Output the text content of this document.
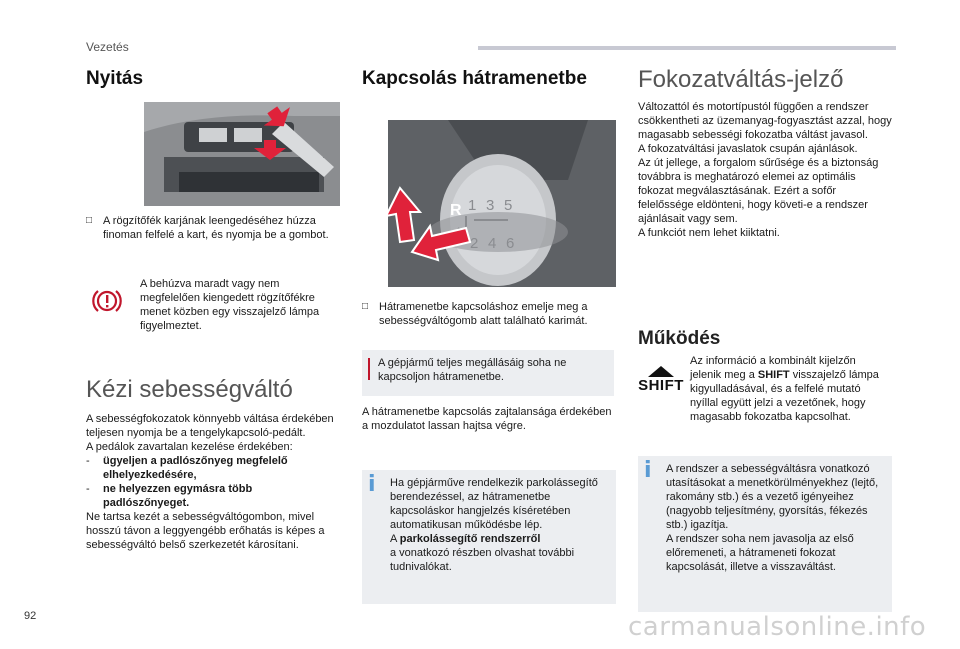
Vezetés
Nyitás
□ A rögzítőfék karjának leengedéséhez húzza finoman felfelé a kart, és nyomja be a gombot.
A behúzva maradt vagy nem megfelelően kiengedett rögzítőfékre menet közben egy visszajelző lámpa figyelmeztet.
Kézi sebességváltó

A sebességfokozatok könnyebb váltása érdekében teljesen nyomja be a tengelykapcsoló-pedált.

A pedálok zavartalan kezelése érdekében:

-	ügyeljen a padlószőnyeg megfelelő elhelyezkedésére,
-	ne helyezzen egymásra több padlószőnyeget.

Ne tartsa kezét a sebességváltógombon, mivel hosszú távon a leggyengébb erőhatás is képes a sebességváltó belső szerkezetét károsítani.

Kapcsolás hátramenetbe
R 1 3 5
2 4 6
□ Hátramenetbe kapcsoláshoz emelje meg a sebességváltógomb alatt található karimát.
A gépjármű teljes megállásáig soha ne kapcsoljon hátramenetbe.
A hátramenetbe kapcsolás zajtalansága érdekében a mozdulatot lassan hajtsa végre.
i	Ha gépjárműve rendelkezik parkolássegítő berendezéssel, az hátramenetbe kapcsoláskor hangjelzés kíséretében automatikusan működésbe lép.

A parkolássegítő rendszerről

a vonatkozó részben olvashat további tudnivalókat.

Fokozatváltás-jelző

Változattól és motortípustól függően a rendszer csökkentheti az üzemanyag-fogyasztást azzal, hogy magasabb sebességi fokozatba váltást javasol.

A fokozatváltási javaslatok csupán ajánlások.

Az út jellege, a forgalom sűrűsége és a biztonság továbbra is meghatározó elemei az optimális fokozat megválasztásának. Ezért a sofőr felelőssége eldönteni, hogy követi-e a rendszer ajánlásait vagy sem.

A funkciót nem lehet kiiktatni.

Működés
SHIFT
Az információ a kombinált kijelzőn jelenik meg a SHIFT visszajelző lámpa kigyulladásával, és a felfelé mutató nyíllal együtt jelzi a vezetőnek, hogy magasabb fokozatba kapcsolhat.
i	A rendszer a sebességváltásra vonatkozó utasításokat a menetkörülményekhez (lejtő, rakomány stb.) és a vezető igényeihez (nagyobb teljesítmény, gyorsítás, fékezés stb.) igazítja.

A rendszer soha nem javasolja az első előremeneti, a hátrameneti fokozat kapcsolását, illetve a visszaváltást.

92	carmanualsonline.info
